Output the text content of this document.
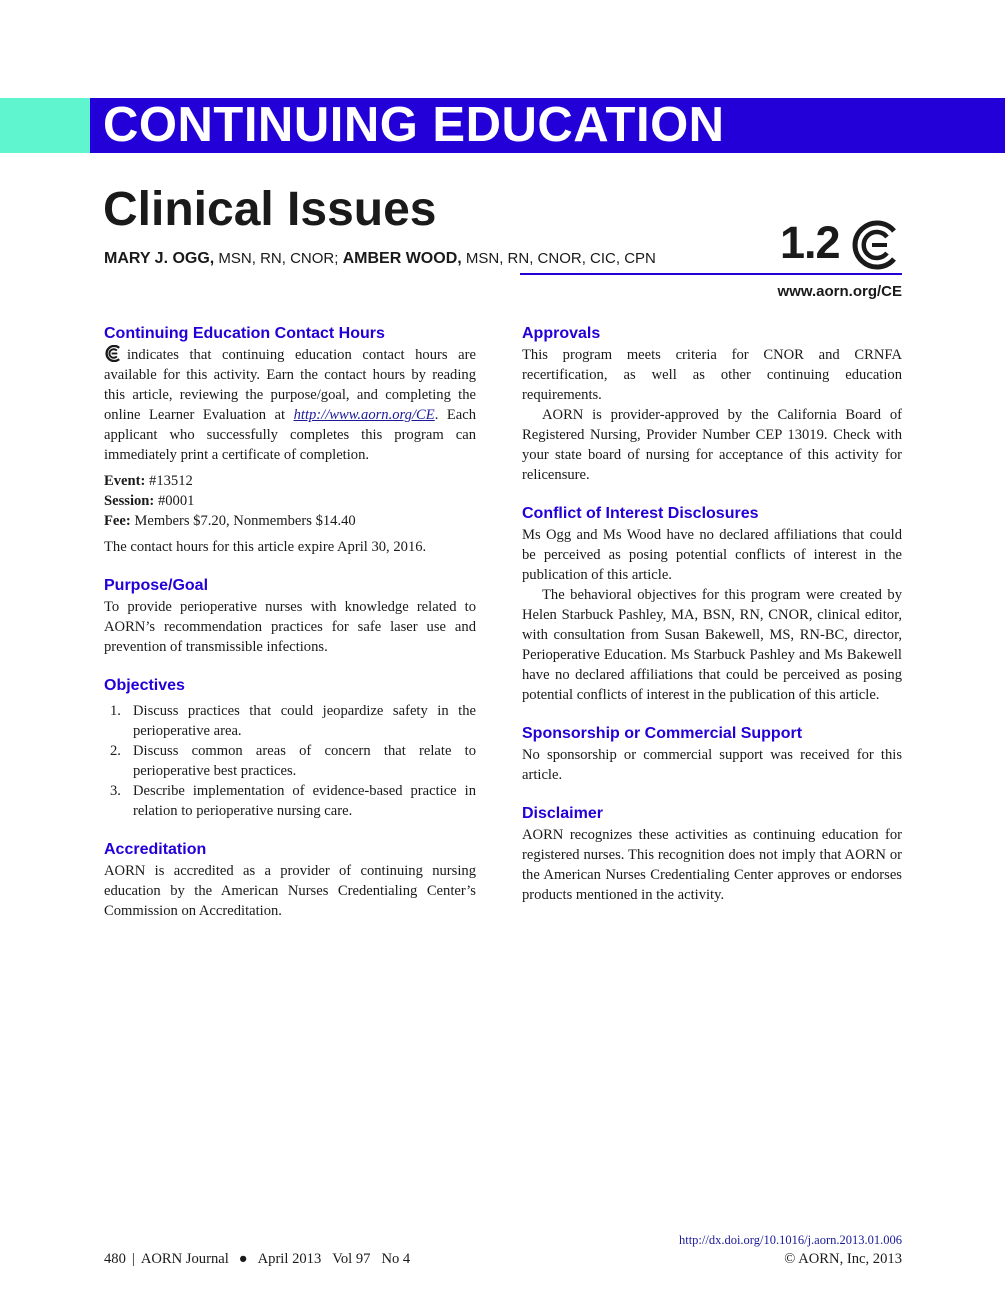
CONTINUING EDUCATION
Clinical Issues
MARY J. OGG, MSN, RN, CNOR; AMBER WOOD, MSN, RN, CNOR, CIC, CPN	1.2
www.aorn.org/CE
Continuing Education Contact Hours

indicates that continuing education contact hours are available for this activity. Earn the contact hours by reading this article, reviewing the purpose/goal, and completing the online Learner Evaluation at http://www.aorn.org/CE. Each applicant who successfully completes this program can immediately print a certificate of completion.

Event: #13512
Session: #0001
Fee: Members $7.20, Nonmembers $14.40

The contact hours for this article expire April 30, 2016.

Purpose/Goal

To provide perioperative nurses with knowledge related to AORN’s recommendation practices for safe laser use and prevention of transmissible infections.

Objectives
1. Discuss practices that could jeopardize safety in the perioperative area.
2. Discuss common areas of concern that relate to perioperative best practices.
3. Describe implementation of evidence-based practice in relation to perioperative nursing care.
Accreditation

AORN is accredited as a provider of continuing nursing education by the American Nurses Credentialing Center’s Commission on Accreditation.

Approvals

This program meets criteria for CNOR and CRNFA recertification, as well as other continuing education requirements.

AORN is provider-approved by the California Board of Registered Nursing, Provider Number CEP 13019. Check with your state board of nursing for acceptance of this activity for relicensure.

Conflict of Interest Disclosures

Ms Ogg and Ms Wood have no declared affiliations that could be perceived as posing potential conflicts of interest in the publication of this article.

The behavioral objectives for this program were created by Helen Starbuck Pashley, MA, BSN, RN, CNOR, clinical editor, with consultation from Susan Bakewell, MS, RN-BC, director, Perioperative Education. Ms Starbuck Pashley and Ms Bakewell have no declared affiliations that could be perceived as posing potential conflicts of interest in the publication of this article.

Sponsorship or Commercial Support

No sponsorship or commercial support was received for this article.

Disclaimer

AORN recognizes these activities as continuing education for registered nurses. This recognition does not imply that AORN or the American Nurses Credentialing Center approves or endorses products mentioned in the activity.

480 | AORN Journal ● April 2013 Vol 97 No 4
http://dx.doi.org/10.1016/j.aorn.2013.01.006
© AORN, Inc, 2013
